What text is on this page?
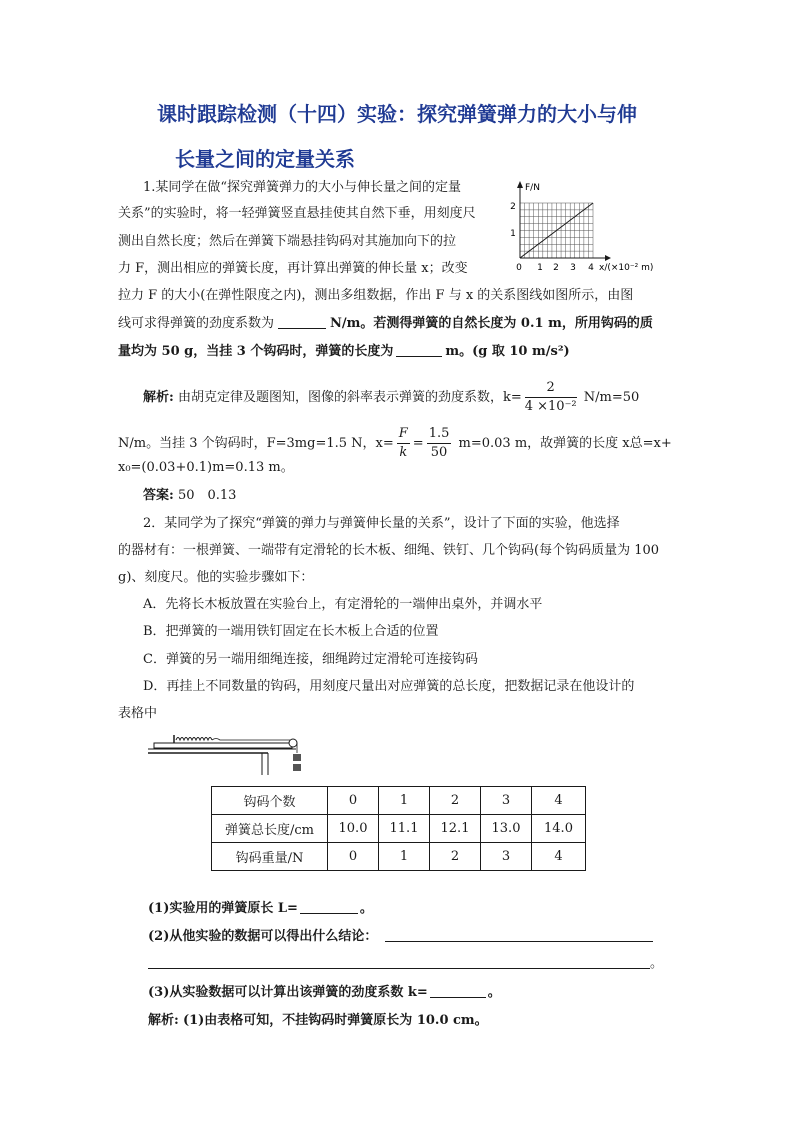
课时跟踪检测（十四）实验：探究弹簧弹力的大小与伸
长量之间的定量关系
1.某同学在做“探究弹簧弹力的大小与伸长量之间的定量
关系”的实验时，将一轻弹簧竖直悬挂使其自然下垂，用刻度尺
测出自然长度；然后在弹簧下端悬挂钩码对其施加向下的拉
力 F，测出相应的弹簧长度，再计算出弹簧的伸长量 x；改变
拉力 F 的大小(在弹性限度之内)，测出多组数据，作出 F 与 x 的关系图线如图所示，由图
线可求得弹簧的劲度系数为	N/m。若测得弹簧的自然长度为 0.1 m，所用钩码的质
量均为 50 g，当挂 3 个钩码时，弹簧的长度为	m。(g 取 10 m/s²)
F/N
2
1
0 1 2 3 4 x/(×10⁻² m)
解析: 由胡克定律及题图知，图像的斜率表示弹簧的劲度系数，$k= \frac{2}{\text{4 ×10⁻²}} N/m=50$
N/m。当挂 3 个钩码时，F=3mg=1.5 N，$x= \frac{F}{k} = \frac{1.5}{50} m=0.03$ m，故弹簧的长度 x总=x+
x₀=(0.03+0.1)m=0.13 m。
答案: 50　0.13
2．某同学为了探究“弹簧的弹力与弹簧伸长量的关系”，设计了下面的实验，他选择
的器材有：一根弹簧、一端带有定滑轮的长木板、细绳、铁钉、几个钩码(每个钩码质量为 100
g)、刻度尺。他的实验步骤如下：
A．先将长木板放置在实验台上，有定滑轮的一端伸出桌外，并调水平
B．把弹簧的一端用铁钉固定在长木板上合适的位置
C．弹簧的另一端用细绳连接，细绳跨过定滑轮可连接钩码
D．再挂上不同数量的钩码，用刻度尺量出对应弹簧的总长度，把数据记录在他设计的
表格中
钩码个数	0	1	2	3	4
弹簧总长度/cm	10.0	11.1	12.1	13.0	14.0
钩码重量/N	0	1	2	3	4
(1)实验用的弹簧原长 L=	。
(2)从他实验的数据可以得出什么结论：
。
(3)从实验数据可以计算出该弹簧的劲度系数 k=	。
解析: (1)由表格可知，不挂钩码时弹簧原长为 10.0 cm。
